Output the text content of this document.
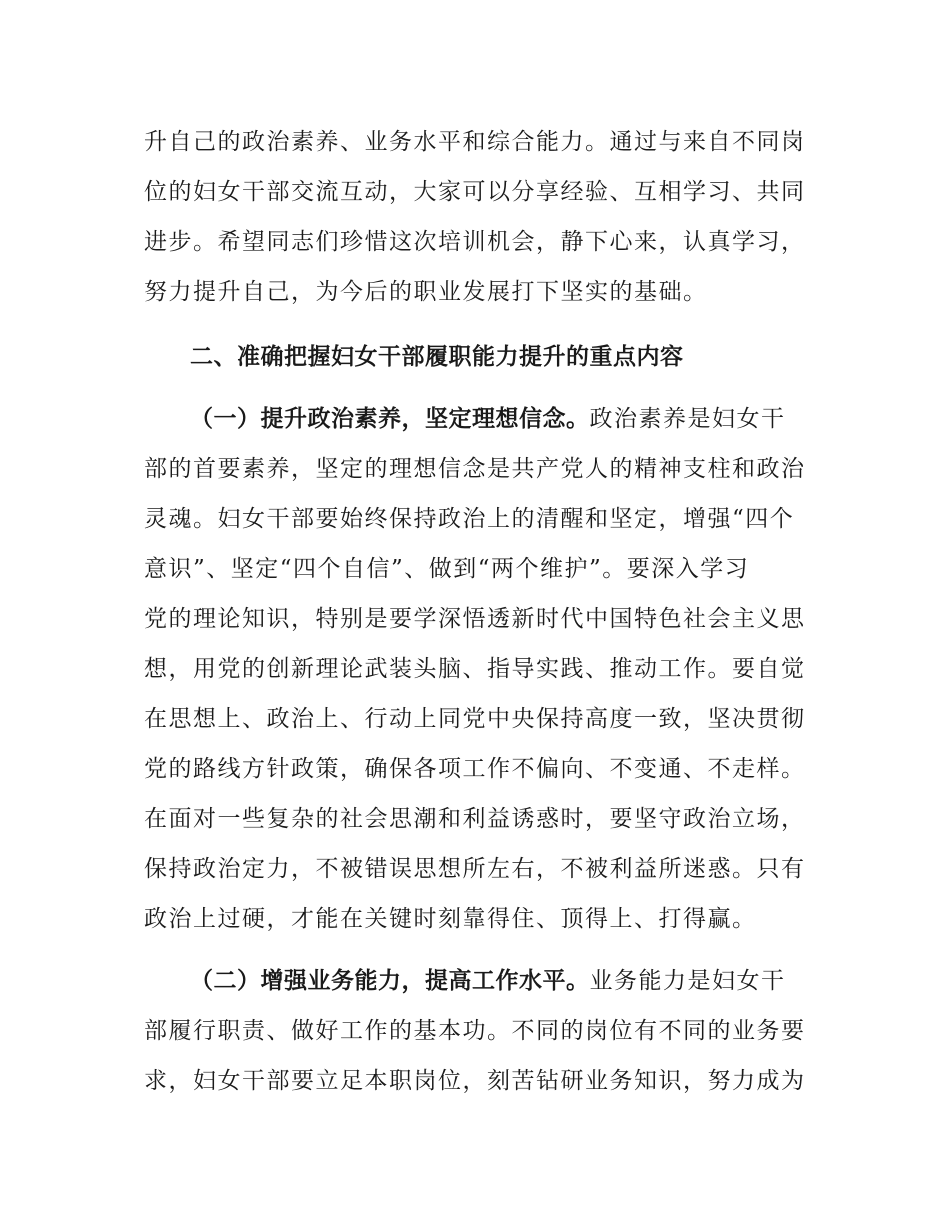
升自己的政治素养、业务水平和综合能力。通过与来自不同岗
位的妇女干部交流互动，大家可以分享经验、互相学习、共同
进步。希望同志们珍惜这次培训机会，静下心来，认真学习，
努力提升自己，为今后的职业发展打下坚实的基础。
二、准确把握妇女干部履职能力提升的重点内容
（一）提升政治素养，坚定理想信念。政治素养是妇女干
部的首要素养，坚定的理想信念是共产党人的精神支柱和政治
灵魂。妇女干部要始终保持政治上的清醒和坚定，增强“四个
意识”、坚定“四个自信”、做到“两个维护”。要深入学习
党的理论知识，特别是要学深悟透新时代中国特色社会主义思
想，用党的创新理论武装头脑、指导实践、推动工作。要自觉
在思想上、政治上、行动上同党中央保持高度一致，坚决贯彻
党的路线方针政策，确保各项工作不偏向、不变通、不走样。
在面对一些复杂的社会思潮和利益诱惑时，要坚守政治立场，
保持政治定力，不被错误思想所左右，不被利益所迷惑。只有
政治上过硬，才能在关键时刻靠得住、顶得上、打得赢。
（二）增强业务能力，提高工作水平。业务能力是妇女干
部履行职责、做好工作的基本功。不同的岗位有不同的业务要
求，妇女干部要立足本职岗位，刻苦钻研业务知识，努力成为
